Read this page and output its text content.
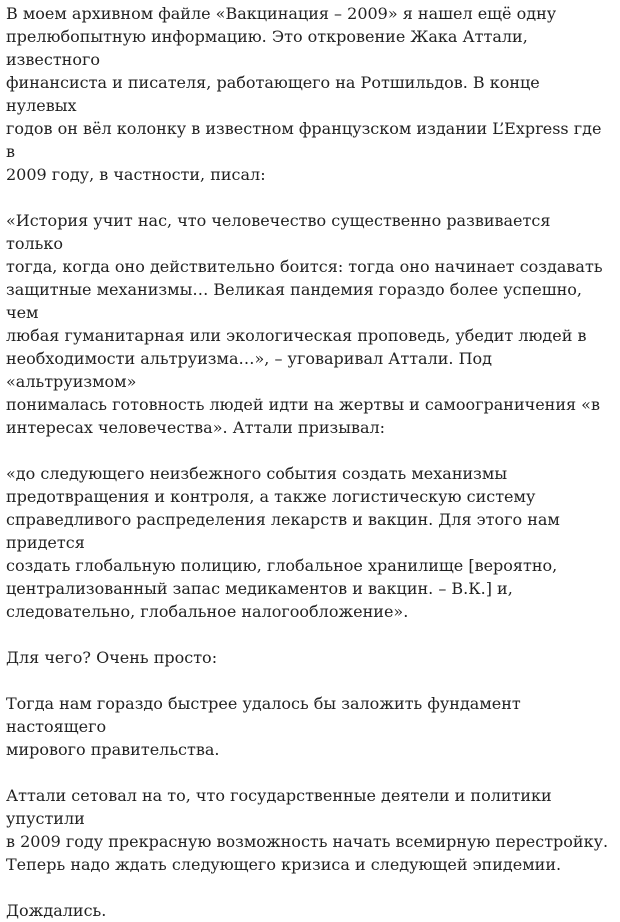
В моем архивном файле «Вакцинация – 2009» я нашел ещё одну
прелюбопытную информацию. Это откровение Жака Аттали, известного
финансиста и писателя, работающего на Ротшильдов. В конце нулевых
годов он вёл колонку в известном французском издании L’Express где в
2009 году, в частности, писал:

«История учит нас, что человечество существенно развивается только
тогда, когда оно действительно боится: тогда оно начинает создавать
защитные механизмы… Великая пандемия гораздо более успешно, чем
любая гуманитарная или экологическая проповедь, убедит людей в
необходимости альтруизма…», – уговаривал Аттали. Под «альтруизмом»
понималась готовность людей идти на жертвы и самоограничения «в
интересах человечества». Аттали призывал:

«до следующего неизбежного события создать механизмы
предотвращения и контроля, а также логистическую систему
справедливого распределения лекарств и вакцин. Для этого нам придется
создать глобальную полицию, глобальное хранилище [вероятно,
централизованный запас медикаментов и вакцин. – В.К.] и,
следовательно, глобальное налогообложение».

Для чего? Очень просто:

Тогда нам гораздо быстрее удалось бы заложить фундамент настоящего
мирового правительства.

Аттали сетовал на то, что государственные деятели и политики упустили
в 2009 году прекрасную возможность начать всемирную перестройку.
Теперь надо ждать следующего кризиса и следующей эпидемии.

Дождались.
